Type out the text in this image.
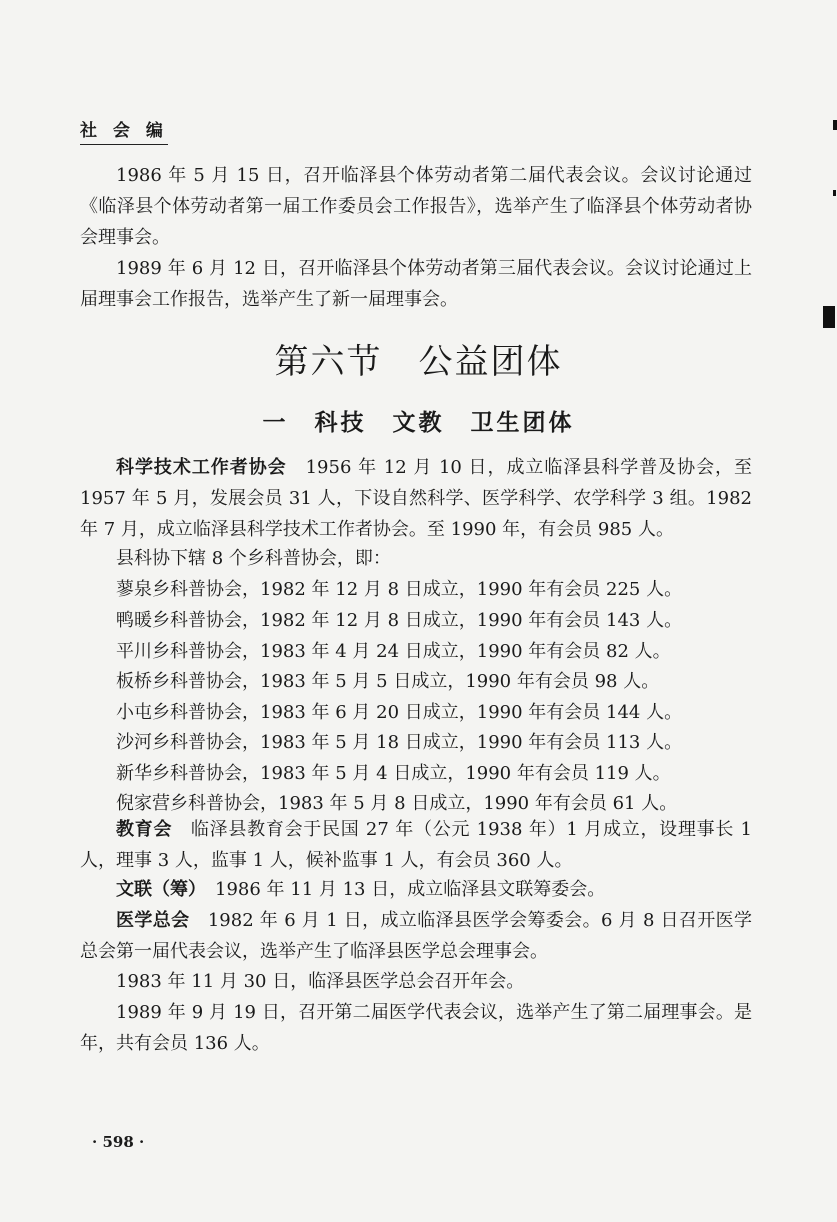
社 会 编

1986 年 5 月 15 日，召开临泽县个体劳动者第二届代表会议。会议讨论通过《临泽县个体劳动者第一届工作委员会工作报告》，选举产生了临泽县个体劳动者协会理事会。

1989 年 6 月 12 日，召开临泽县个体劳动者第三届代表会议。会议讨论通过上届理事会工作报告，选举产生了新一届理事会。

第六节　公益团体
一　科技　文教　卫生团体

科学技术工作者协会　 1956 年 12 月 10 日，成立临泽县科学普及协会，至 1957 年 5 月，发展会员 31 人，下设自然科学、医学科学、农学科学 3 组。1982 年 7 月，成立临泽县科学技术工作者协会。至 1990 年，有会员 985 人。

县科协下辖 8 个乡科普协会，即：
蓼泉乡科普协会，1982 年 12 月 8 日成立，1990 年有会员 225 人。
鸭暖乡科普协会，1982 年 12 月 8 日成立，1990 年有会员 143 人。
平川乡科普协会，1983 年 4 月 24 日成立，1990 年有会员 82 人。
板桥乡科普协会，1983 年 5 月 5 日成立，1990 年有会员 98 人。
小屯乡科普协会，1983 年 6 月 20 日成立，1990 年有会员 144 人。
沙河乡科普协会，1983 年 5 月 18 日成立，1990 年有会员 113 人。
新华乡科普协会，1983 年 5 月 4 日成立，1990 年有会员 119 人。
倪家营乡科普协会，1983 年 5 月 8 日成立，1990 年有会员 61 人。

教育会　 临泽县教育会于民国 27 年（公元 1938 年）1 月成立，设理事长 1 人，理事 3 人，监事 1 人，候补监事 1 人，有会员 360 人。

文联（筹）　 1986 年 11 月 13 日，成立临泽县文联筹委会。

医学总会　 1982 年 6 月 1 日，成立临泽县医学会筹委会。6 月 8 日召开医学总会第一届代表会议，选举产生了临泽县医学总会理事会。

1983 年 11 月 30 日，临泽县医学总会召开年会。

1989 年 9 月 19 日，召开第二届医学代表会议，选举产生了第二届理事会。是年，共有会员 136 人。

· 598 ·
